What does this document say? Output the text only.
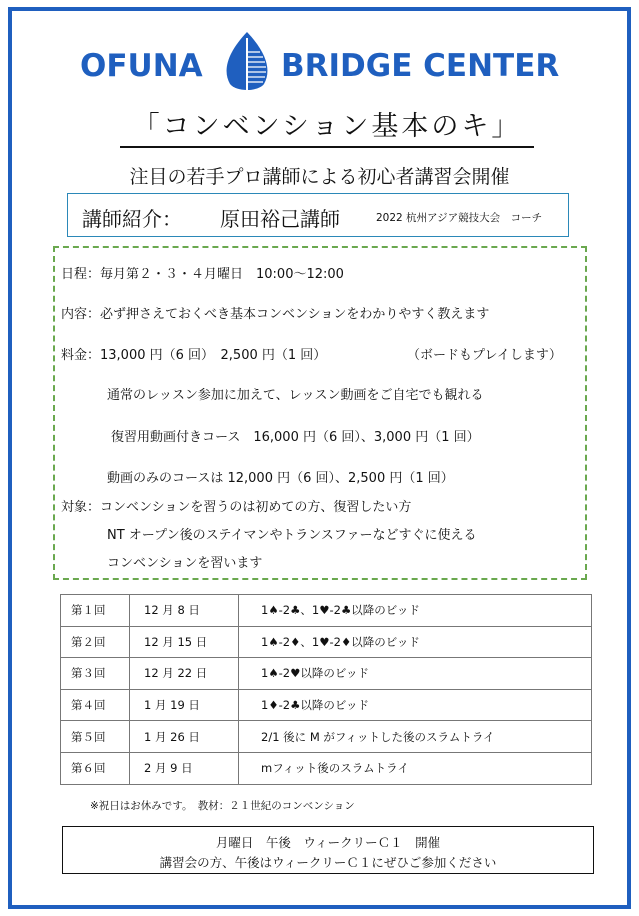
OFUNA	BRIDGE CENTER
「コンベンション基本のキ」
注目の若手プロ講師による初心者講習会開催
講師紹介： 原田裕己講師	2022 杭州アジア競技大会　コーチ
日程：毎月第２・３・４月曜日　10:00～12:00
内容：必ず押さえておくべき基本コンベンションをわかりやすく教えます
料金：13,000 円（6 回）　2,500 円（1 回）	（ボードもプレイします）
通常のレッスン参加に加えて、レッスン動画をご自宅でも観れる
復習用動画付きコース　16,000 円（6 回）、3,000 円（1 回）
動画のみのコースは 12,000 円（6 回）、2,500 円（1 回）
対象：コンベンションを習うのは初めての方、復習したい方
NT オープン後のステイマンやトランスファーなどすぐに使える
コンベンションを習います
第１回	12 月 8 日	1♠-2♣、1♥-2♣以降のビッド
第２回	12 月 15 日	1♠-2♦、1♥-2♦以降のビッド
第３回	12 月 22 日	1♠-2♥以降のビッド
第４回	1 月 19 日	1♦-2♣以降のビッド
第５回	1 月 26 日	2/1 後に M がフィットした後のスラムトライ
第６回	2 月 9 日	mフィット後のスラムトライ
※祝日はお休みです。　教材：２１世紀のコンベンション
月曜日　午後　ウィークリーＣ１　開催
講習会の方、午後はウィークリーＣ１にぜひご参加ください
